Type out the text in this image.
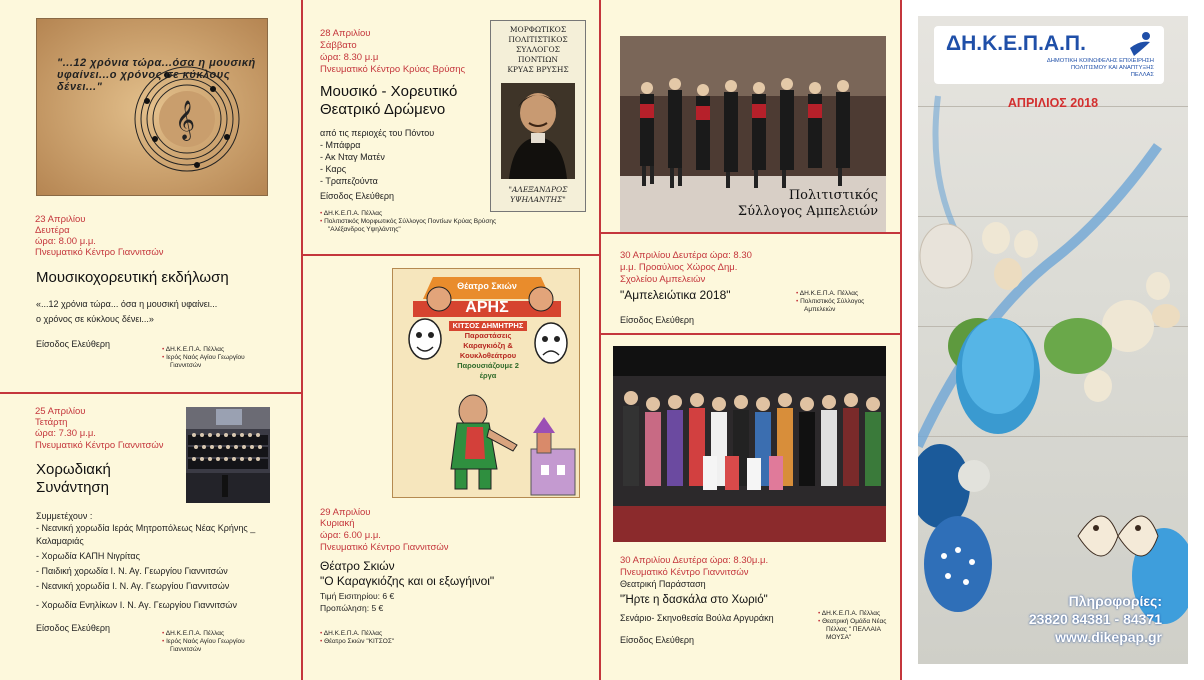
𝄞
"...12 χρόνια τώρα...όσα η μουσική υφαίνει...ο χρόνος σε κύκλους δένει..."
23 Απριλίου
Δευτέρα
ώρα: 8.00 μ.μ.
Πνευματικό Κέντρο Γιαννιτσών
Μουσικοχορευτική εκδήλωση
«...12 χρόνια τώρα... όσα η μουσική υφαίνει...
ο χρόνος σε κύκλους δένει...»
Είσοδος Ελεύθερη
• ΔΗ.Κ.Ε.Π.Α. Πέλλας
• Ιερός Ναός Αγίου Γεωργίου Γιαννιτσών
25 Απριλίου
Τετάρτη
ώρα: 7.30 μ.μ.
Πνευματικό Κέντρο Γιαννιτσών
Χορωδιακή
Συνάντηση
Συμμετέχουν :
- Νεανική χορωδία Ιεράς Μητροπόλεως Νέας Κρήνης _ Καλαμαριάς
- Χορωδία ΚΑΠΗ Νιγρίτας
- Παιδική χορωδία Ι. Ν. Αγ. Γεωργίου Γιαννιτσών
- Νεανική χορωδία Ι. Ν. Αγ. Γεωργίου Γιαννιτσών
- Χορωδία Ενηλίκων Ι. Ν. Αγ. Γεωργίου Γιαννιτσών
Είσοδος Ελεύθερη
• ΔΗ.Κ.Ε.Π.Α. Πέλλας
• Ιερός Ναός Αγίου Γεωργίου Γιαννιτσών
28 Απριλίου
Σάββατο
ώρα: 8.30 μ.μ
Πνευματικό Κέντρο Κρύας Βρύσης
Μουσικό - Χορευτικό
Θεατρικό Δρώμενο
από τις περιοχές του Πόντου
- Μπάφρα
- Ακ Νταγ Ματέν
- Καρς
- Τραπεζούντα
Είσοδος Ελεύθερη
• ΔΗ.Κ.Ε.Π.Α. Πέλλας
• Πολιτιστικός Μορφωτικός Σύλλογος Ποντίων Κρύας Βρύσης "Αλέξανδρος Υψηλάντης"
ΜΟΡΦΩΤΙΚΟΣ
ΠΟΛΙΤΙΣΤΙΚΟΣ
ΣΥΛΛΟΓΟΣ
ΠΟΝΤΙΩΝ
ΚΡΥΑΣ ΒΡΥΣΗΣ
"ΑΛΕΞΑΝΔΡΟΣ
ΥΨΗΛΑΝΤΗΣ"
Θέατρο Σκιών
ΑΡΗΣ
ΚΙΤΣΟΣ ΔΗΜΗΤΡΗΣ
Παραστάσεις
Καραγκιόζη &
Κουκλοθεάτρου
Παρουσιάζουμε 2 έργα
29 Απριλίου
Κυριακή
ώρα: 6.00 μ.μ.
Πνευματικό Κέντρο Γιαννιτσών
Θέατρο Σκιών
"Ο Καραγκιόζης και οι εξωγήινοι"
Τιμή Εισιτηρίου: 6 €
Προπώληση: 5 €
• ΔΗ.Κ.Ε.Π.Α. Πέλλας
• Θέατρο Σκιών "ΚΙΤΣΟΣ"
Πολιτιστικός
Σύλλογος Αμπελειών
30 Απριλίου Δευτέρα ώρα: 8.30
μ.μ. Προαύλιος Χώρος Δημ.
Σχολείου Αμπελειών
"Αμπελειώτικα 2018"
Είσοδος Ελεύθερη
• ΔΗ.Κ.Ε.Π.Α. Πέλλας
• Πολιτιστικός Σύλλογος Αμπελειών
30 Απριλίου Δευτέρα ώρα: 8.30μ.μ.
Πνευματικό Κέντρο Γιαννιτσών
Θεατρική Παράσταση
"Ήρτε η δασκάλα στο Χωριό"
Σενάριο- Σκηνοθεσία Βούλα Αργυράκη
Είσοδος Ελεύθερη
• ΔΗ.Κ.Ε.Π.Α. Πέλλας
• Θεατρική Ομάδα Νέας Πέλλας " ΠΕΛΛΑΙΑ ΜΟΥΣΑ"
ΔΗ.Κ.Ε.Π.Α.Π.
ΔΗΜΟΤΙΚΗ ΚΟΙΝΩΦΕΛΗΣ ΕΠΙΧΕΙΡΗΣΗ
ΠΟΛΙΤΙΣΜΟΥ ΚΑΙ ΑΝΑΠΤΥΞΗΣ
ΠΕΛΛΑΣ
ΑΠΡΙΛΙΟΣ 2018
Πληροφορίες:
23820 84381 - 84371
www.dikepap.gr
